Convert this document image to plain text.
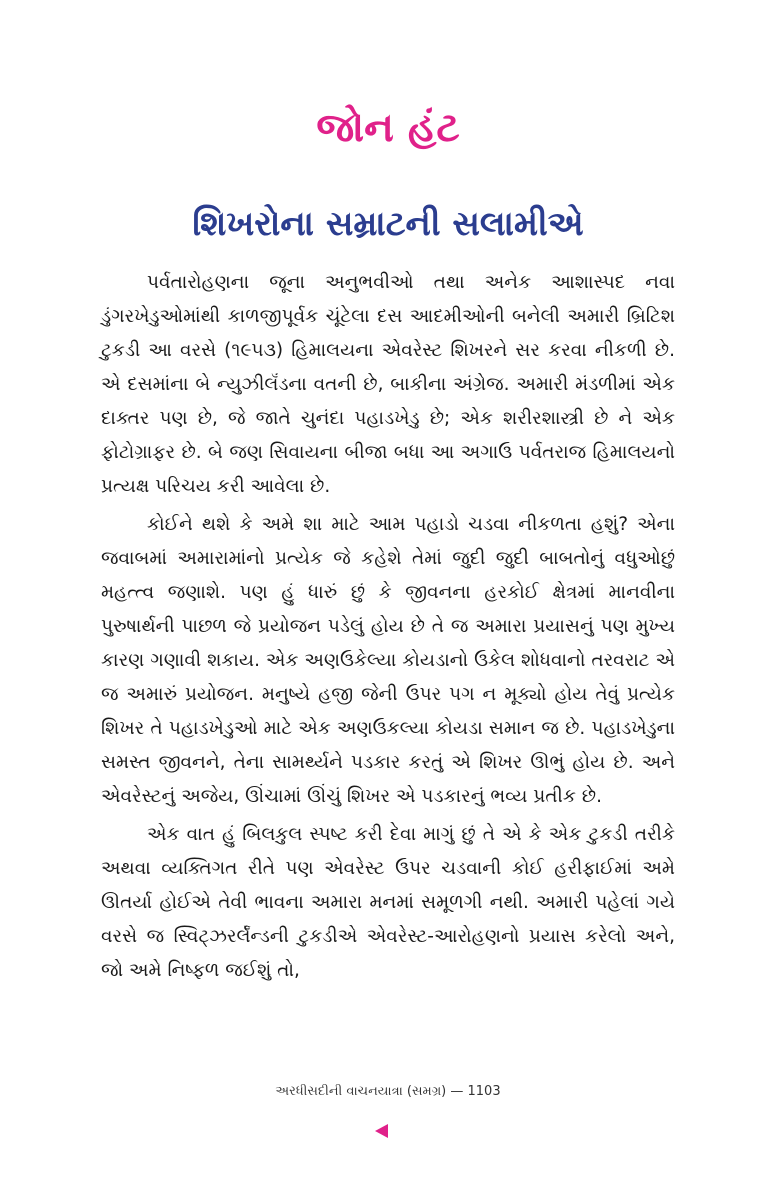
જોન હંટ
શિખરોના સમ્રાટની સલામીએ

પર્વતારોહણના જૂના અનુભવીઓ તથા અનેક આશાસ્પદ નવા ડુંગરખેડુઓમાંથી કાળજીપૂર્વક ચૂંટેલા દસ આદમીઓની બનેલી અમારી બ્રિટિશ ટુકડી આ વરસે (૧૯૫૩) હિમાલયના એવરેસ્ટ શિખરને સર કરવા નીકળી છે. એ દસમાંના બે ન્યુઝીલૅંડના વતની છે, બાકીના અંગ્રેજ. અમારી મંડળીમાં એક દાક્તર પણ છે, જે જાતે ચુનંદા પહાડખેડુ છે; એક શરીરશાસ્ત્રી છે ને એક ફોટોગ્રાફર છે. બે જણ સિવાયના બીજા બધા આ અગાઉ પર્વતરાજ હિમાલયનો પ્રત્યક્ષ પરિચય કરી આવેલા છે.

કોઈને થશે કે અમે શા માટે આમ પહાડો ચડવા નીકળતા હશું? એના જવાબમાં અમારામાંનો પ્રત્યેક જે કહેશે તેમાં જુદી જુદી બાબતોનું વધુઓછું મહત્ત્વ જણાશે. પણ હું ધારું છું કે જીવનના હરકોઈ ક્ષેત્રમાં માનવીના પુરુષાર્થની પાછળ જે પ્રયોજન પડેલું હોય છે તે જ અમારા પ્રયાસનું પણ મુખ્ય કારણ ગણાવી શકાય. એક અણઉકેલ્યા કોયડાનો ઉકેલ શોધવાનો તરવરાટ એ જ અમારું પ્રયોજન. મનુષ્યે હજી જેની ઉપર પગ ન મૂક્યો હોય તેવું પ્રત્યેક શિખર તે પહાડખેડુઓ માટે એક અણઉકલ્યા કોયડા સમાન જ છે. પહાડખેડુના સમસ્ત જીવનને, તેના સામર્થ્યને પડકાર કરતું એ શિખર ઊભું હોય છે. અને એવરેસ્ટનું અજેય, ઊંચામાં ઊંચું શિખર એ પડકારનું ભવ્ય પ્રતીક છે.

એક વાત હું બિલકુલ સ્પષ્ટ કરી દેવા માગું છું તે એ કે એક ટુકડી તરીકે અથવા વ્યક્તિગત રીતે પણ એવરેસ્ટ ઉપર ચડવાની કોઈ હરીફાઈમાં અમે ઊતર્યા હોઈએ તેવી ભાવના અમારા મનમાં સમૂળગી નથી. અમારી પહેલાં ગયે વરસે જ સ્વિટ્ઝરર્લૅન્ડની ટુકડીએ એવરેસ્ટ-આરોહણનો પ્રયાસ કરેલો અને, જો અમે નિષ્ફળ જઈશું તો,

અરધીસદીની વાચનયાત્રા (સમગ્ર) — 1103
